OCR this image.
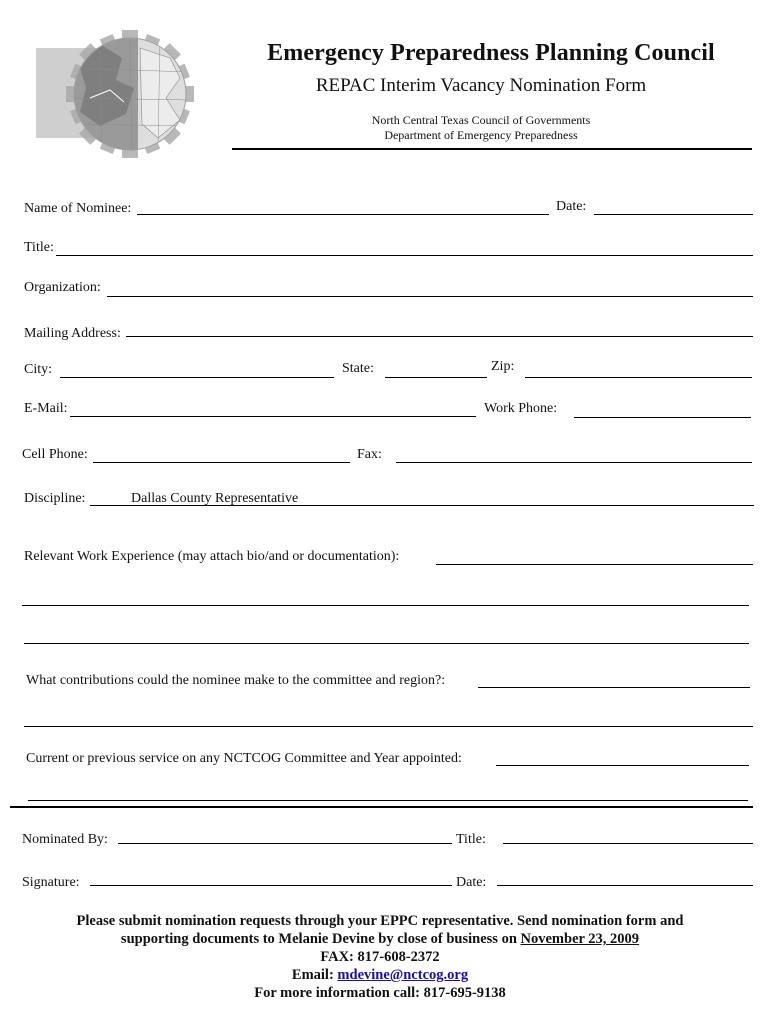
Emergency Preparedness Planning Council
REPAC Interim Vacancy Nomination Form
North Central Texas Council of Governments
Department of Emergency Preparedness
Name of Nominee:	Date:
Title:
Organization:
Mailing Address:
City:	State:	Zip:
E-Mail:	Work Phone:
Cell Phone:	Fax:
Discipline:	Dallas County Representative
Relevant Work Experience (may attach bio/and or documentation):
What contributions could the nominee make to the committee and region?:
Current or previous service on any NCTCOG Committee and Year appointed:
Nominated By:	Title:
Signature:	Date:
Please submit nomination requests through your EPPC representative. Send nomination form and
supporting documents to Melanie Devine by close of business on November 23, 2009
FAX: 817-608-2372
Email: mdevine@nctcog.org
For more information call: 817-695-9138
